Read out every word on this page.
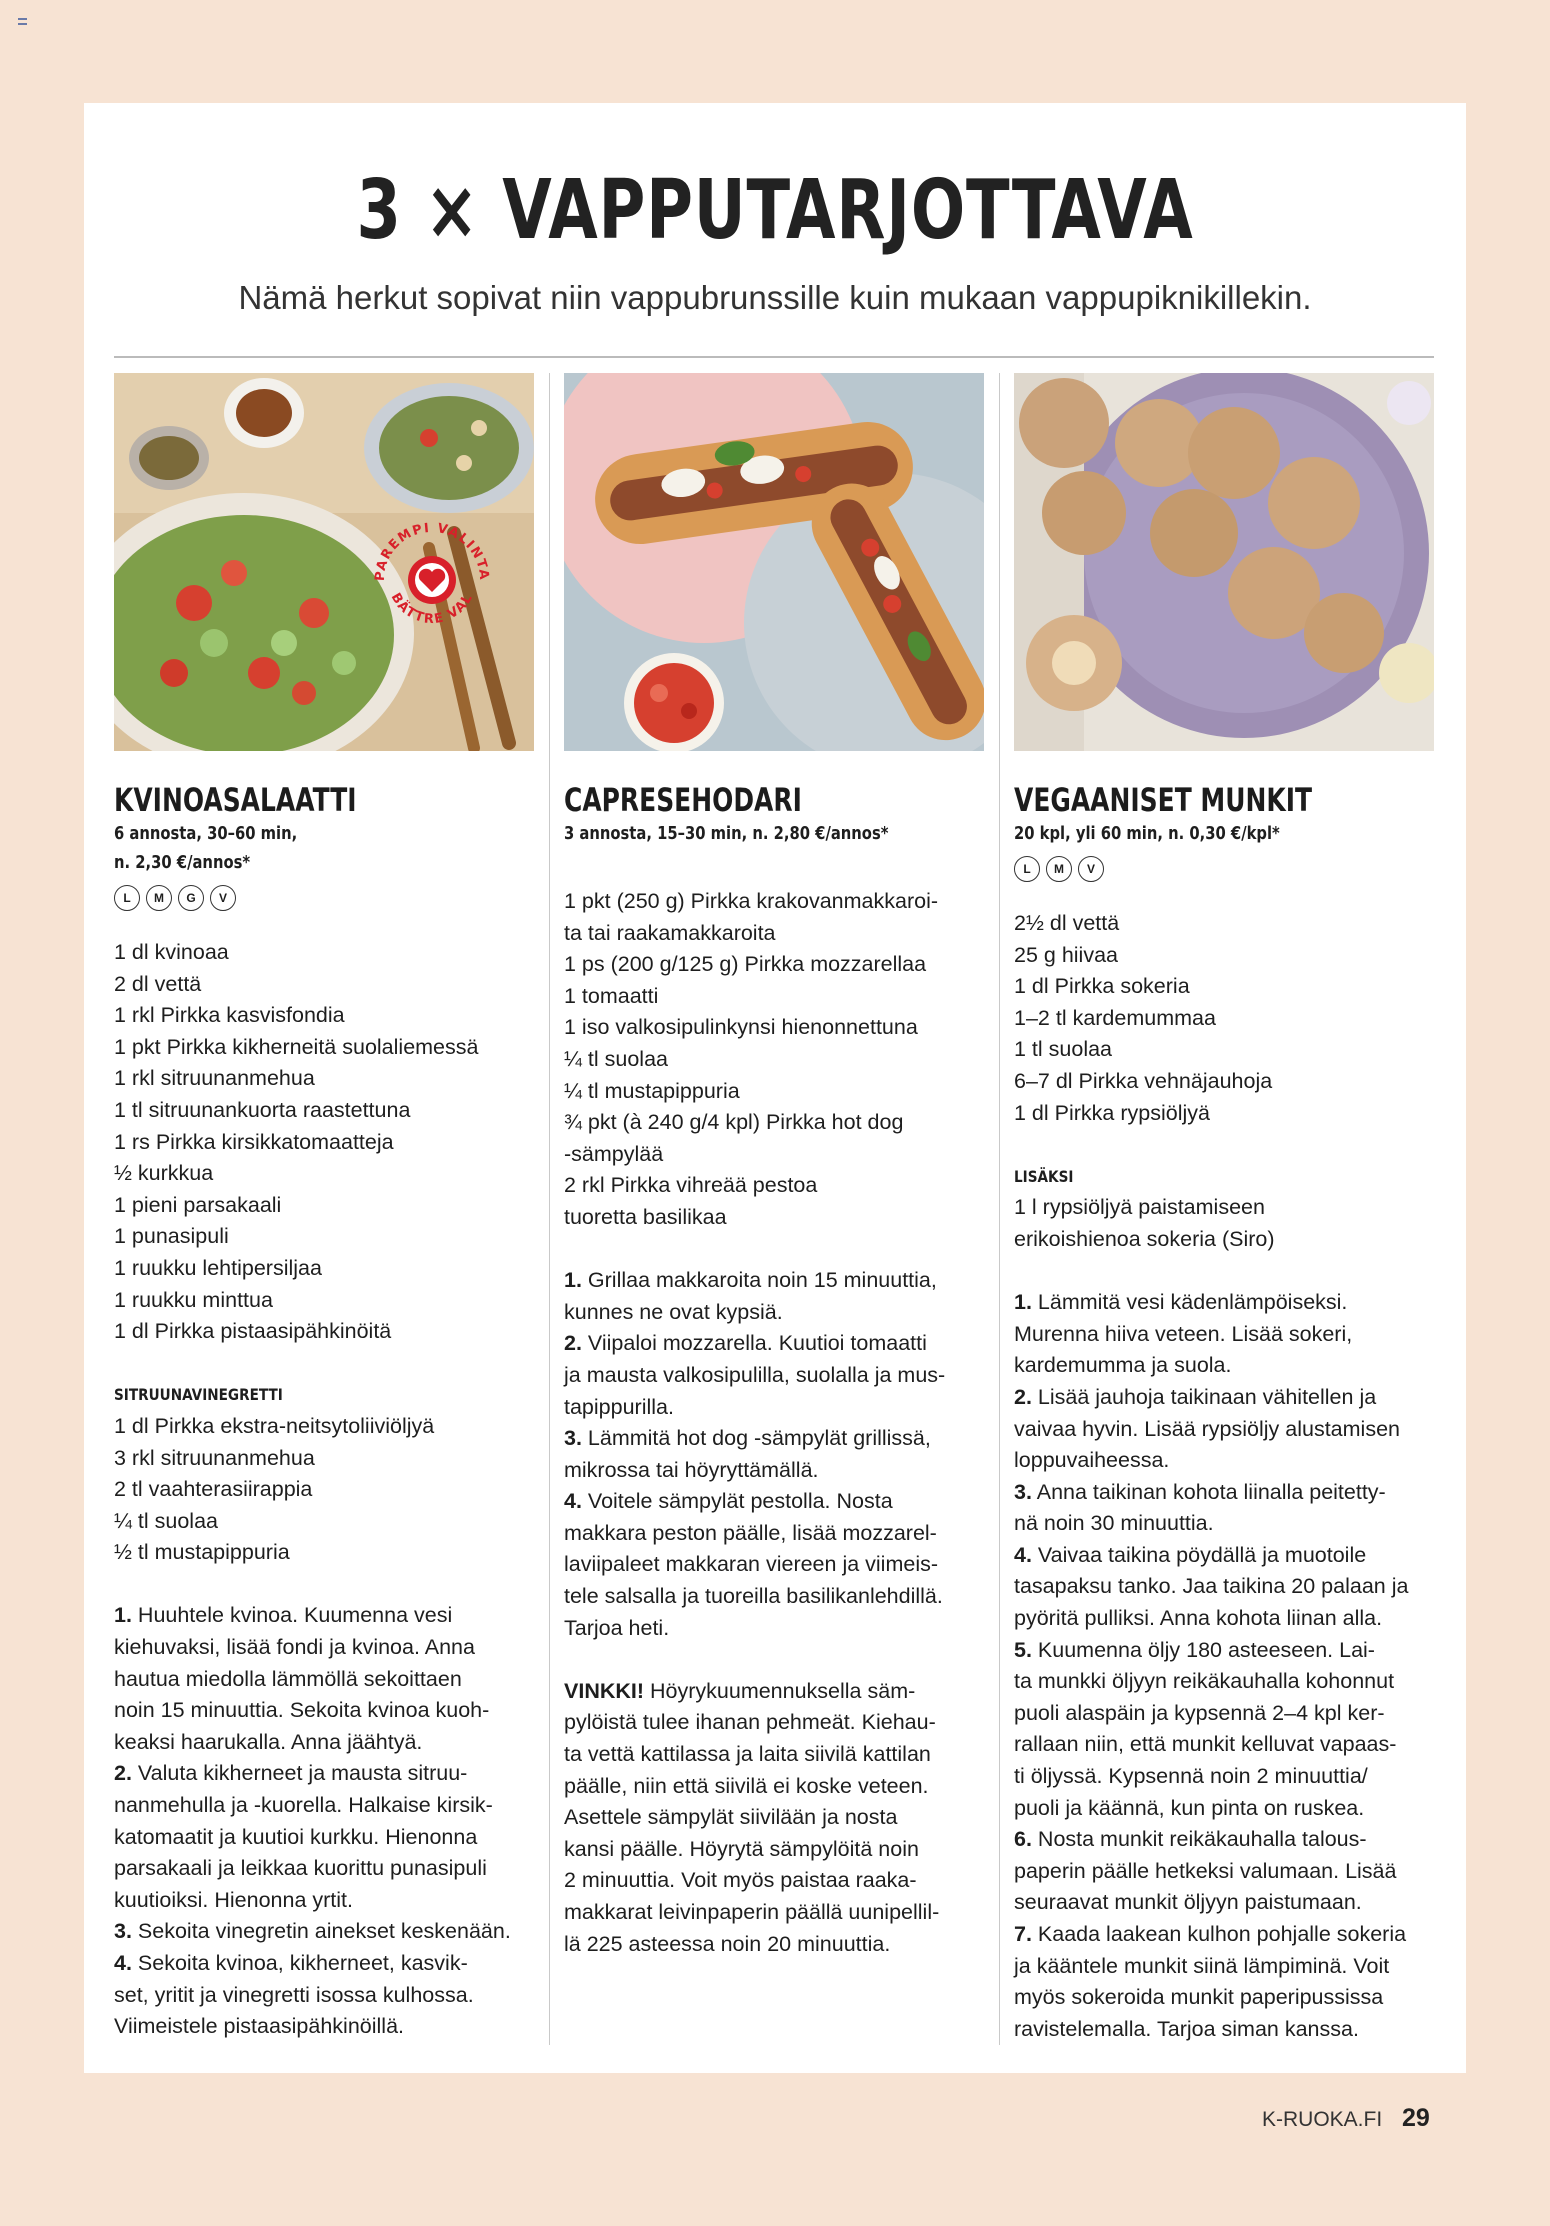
3 × VAPPUTARJOTTAVA
Nämä herkut sopivat niin vappubrunssille kuin mukaan vappupiknikillekin.
KVINOASALAATTI
6 annosta, 30–60 min,
n. 2,30 €/annos*
L	M	G	V
1 dl kvinoaa
2 dl vettä
1 rkl Pirkka kasvisfondia
1 pkt Pirkka kikherneitä suolaliemessä
1 rkl sitruunanmehua
1 tl sitruunankuorta raastettuna
1 rs Pirkka kirsikkatomaatteja
½ kurkkua
1 pieni parsakaali
1 punasipuli
1 ruukku lehtipersiljaa
1 ruukku minttua
1 dl Pirkka pistaasipähkinöitä
SITRUUNAVINEGRETTI
1 dl Pirkka ekstra-neitsytoliiviöljyä
3 rkl sitruunanmehua
2 tl vaahterasiirappia
¼ tl suolaa
½ tl mustapippuria
1. Huuhtele kvinoa. Kuumenna vesi
kiehuvaksi, lisää fondi ja kvinoa. Anna
hautua miedolla lämmöllä sekoittaen
noin 15 minuuttia. Sekoita kvinoa kuoh-
keaksi haarukalla. Anna jäähtyä.
2. Valuta kikherneet ja mausta sitruu-
nanmehulla ja -kuorella. Halkaise kirsik-
katomaatit ja kuutioi kurkku. Hienonna
parsakaali ja leikkaa kuorittu punasipuli
kuutioiksi. Hienonna yrtit.
3. Sekoita vinegretin ainekset keskenään.
4. Sekoita kvinoa, kikherneet, kasvik-
set, yritit ja vinegretti isossa kulhossa.
Viimeistele pistaasipähkinöillä.
PAREMPI VALINTA
BÄTTRE VAL
CAPRESEHODARI
3 annosta, 15–30 min, n. 2,80 €/annos*
1 pkt (250 g) Pirkka krakovanmakkaroi-
ta tai raakamakkaroita
1 ps (200 g/125 g) Pirkka mozzarellaa
1 tomaatti
1 iso valkosipulinkynsi hienonnettuna
¼ tl suolaa
¼ tl mustapippuria
¾ pkt (à 240 g/4 kpl) Pirkka hot dog
-sämpylää
2 rkl Pirkka vihreää pestoa
tuoretta basilikaa
1. Grillaa makkaroita noin 15 minuuttia,
kunnes ne ovat kypsiä.
2. Viipaloi mozzarella. Kuutioi tomaatti
ja mausta valkosipulilla, suolalla ja mus-
tapippurilla.
3. Lämmitä hot dog -sämpylät grillissä,
mikrossa tai höyryttämällä.
4. Voitele sämpylät pestolla. Nosta
makkara peston päälle, lisää mozzarel-
laviipaleet makkaran viereen ja viimeis-
tele salsalla ja tuoreilla basilikanlehdillä.
Tarjoa heti.
VINKKI! Höyrykuumennuksella säm-
pylöistä tulee ihanan pehmeät. Kiehau-
ta vettä kattilassa ja laita siivilä kattilan
päälle, niin että siivilä ei koske veteen.
Asettele sämpylät siivilään ja nosta
kansi päälle. Höyrytä sämpylöitä noin
2 minuuttia. Voit myös paistaa raaka-
makkarat leivinpaperin päällä uunipellil-
lä 225 asteessa noin 20 minuuttia.
VEGAANISET MUNKIT
20 kpl, yli 60 min, n. 0,30 €/kpl*
L	M	V
2½ dl vettä
25 g hiivaa
1 dl Pirkka sokeria
1–2 tl kardemummaa
1 tl suolaa
6–7 dl Pirkka vehnäjauhoja
1 dl Pirkka rypsiöljyä
LISÄKSI
1 l rypsiöljyä paistamiseen
erikoishienoa sokeria (Siro)
1. Lämmitä vesi kädenlämpöiseksi.
Murenna hiiva veteen. Lisää sokeri,
kardemumma ja suola.
2. Lisää jauhoja taikinaan vähitellen ja
vaivaa hyvin. Lisää rypsiöljy alustamisen
loppuvaiheessa.
3. Anna taikinan kohota liinalla peitetty-
nä noin 30 minuuttia.
4. Vaivaa taikina pöydällä ja muotoile
tasapaksu tanko. Jaa taikina 20 palaan ja
pyöritä pulliksi. Anna kohota liinan alla.
5. Kuumenna öljy 180 asteeseen. Lai-
ta munkki öljyyn reikäkauhalla kohonnut
puoli alaspäin ja kypsennä 2–4 kpl ker-
rallaan niin, että munkit kelluvat vapaas-
ti öljyssä. Kypsennä noin 2 minuuttia/
puoli ja käännä, kun pinta on ruskea.
6. Nosta munkit reikäkauhalla talous-
paperin päälle hetkeksi valumaan. Lisää
seuraavat munkit öljyyn paistumaan.
7. Kaada laakean kulhon pohjalle sokeria
ja kääntele munkit siinä lämpiminä. Voit
myös sokeroida munkit paperipussissa
ravistelemalla. Tarjoa siman kanssa.
K-RUOKA.FI 29
